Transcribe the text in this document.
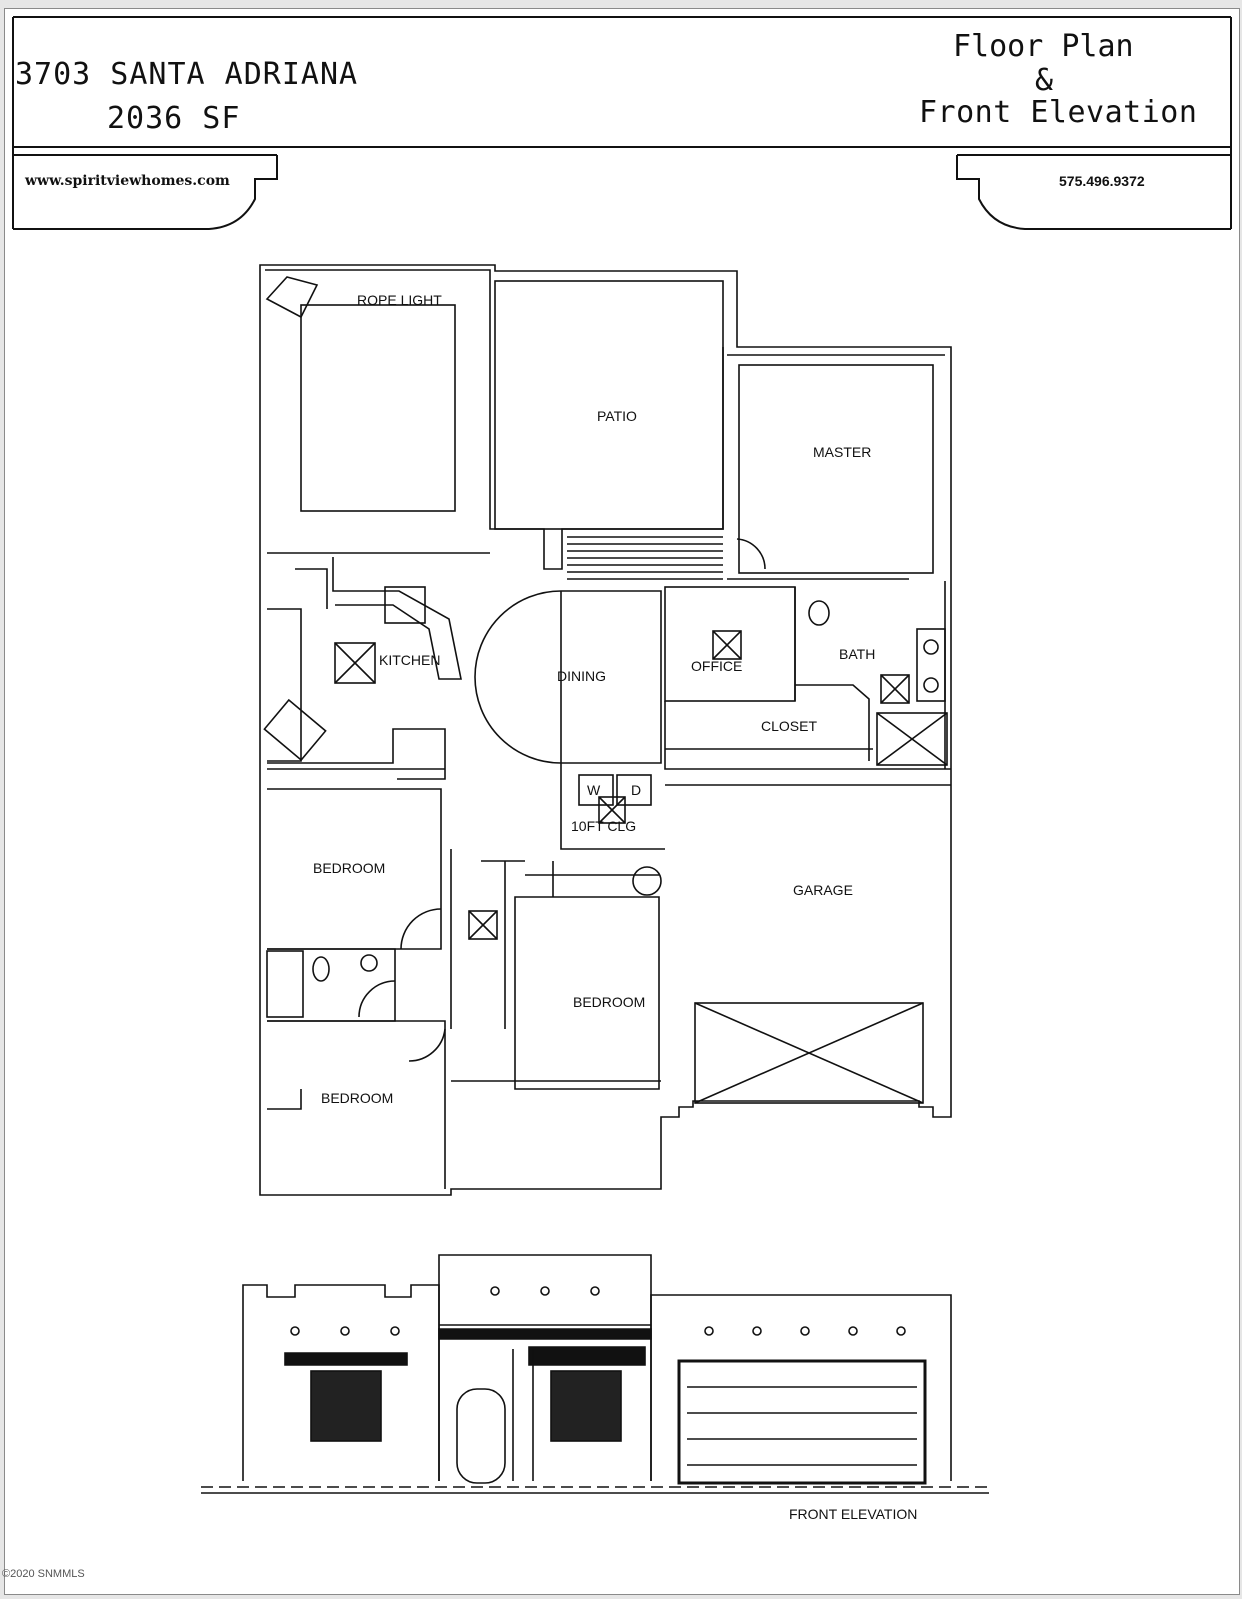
3703 SANTA ADRIANA
2036 SF
Floor Plan
&
Front Elevation
www.spiritviewhomes.com	575.496.9372
ROPE LIGHT
PATIO
MASTER
KITCHEN
DINING
OFFICE
BATH
CLOSET
W D
10FT CLG
BEDROOM
GARAGE
BEDROOM
BEDROOM
FRONT ELEVATION
©2020 SNMMLS
